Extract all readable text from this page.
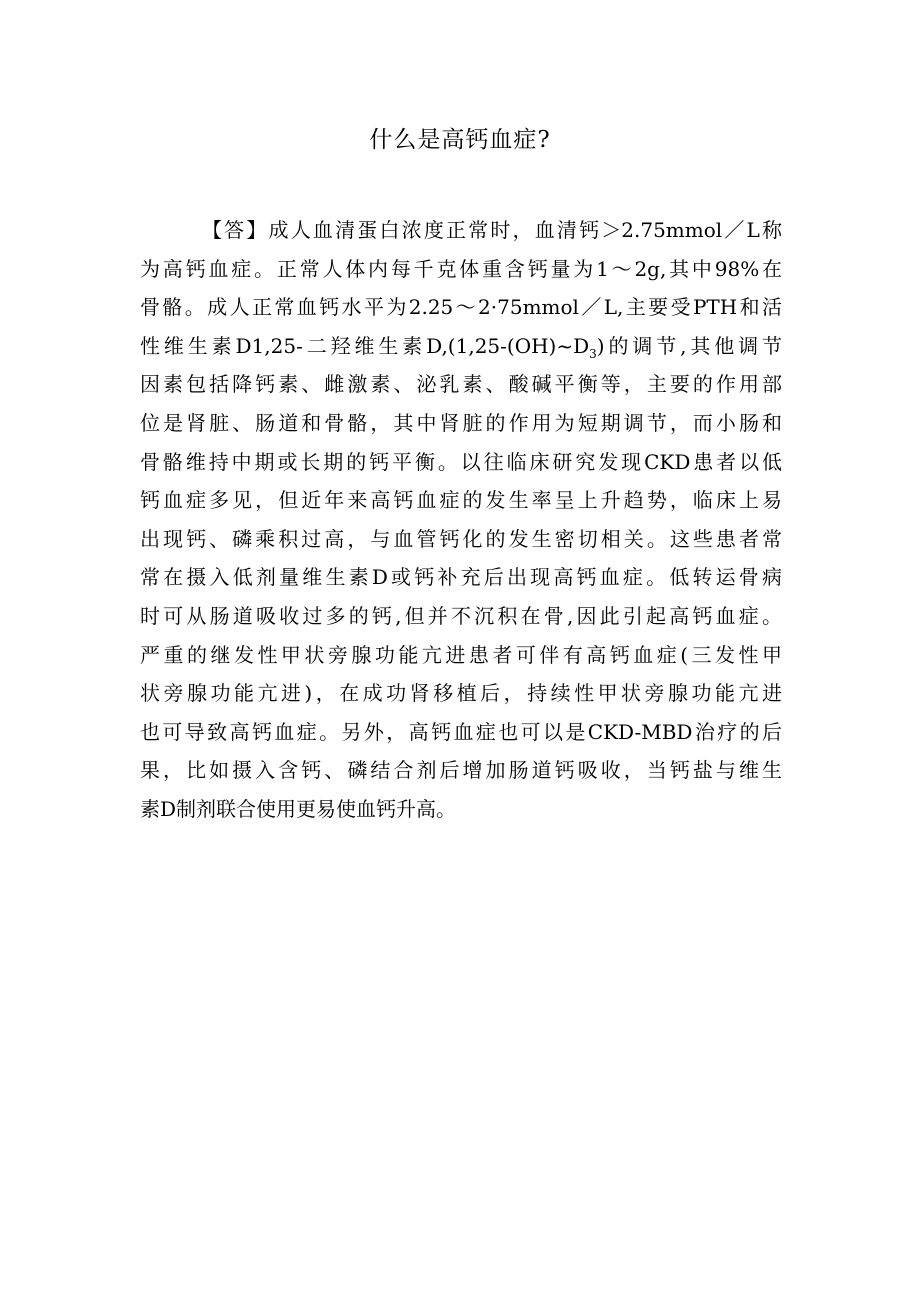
什么是高钙血症?
【答】成人血清蛋白浓度正常时，血清钙＞2.75mmol／L称
为高钙血症。正常人体内每千克体重含钙量为1～2g,其中98%在
骨骼。成人正常血钙水平为2.25～2·75mmol／L,主要受PTH和活
性维生素D1,25-二羟维生素$D,(1,25-(OH)\sim D_3)$的调节,其他调节
因素包括降钙素、雌激素、泌乳素、酸碱平衡等，主要的作用部
位是肾脏、肠道和骨骼，其中肾脏的作用为短期调节，而小肠和
骨骼维持中期或长期的钙平衡。以往临床研究发现CKD患者以低
钙血症多见，但近年来高钙血症的发生率呈上升趋势，临床上易
出现钙、磷乘积过高，与血管钙化的发生密切相关。这些患者常
常在摄入低剂量维生素D或钙补充后出现高钙血症。低转运骨病
时可从肠道吸收过多的钙,但并不沉积在骨,因此引起高钙血症。
严重的继发性甲状旁腺功能亢进患者可伴有高钙血症(三发性甲
状旁腺功能亢进)，在成功肾移植后，持续性甲状旁腺功能亢进
也可导致高钙血症。另外，高钙血症也可以是CKD-MBD治疗的后
果，比如摄入含钙、磷结合剂后增加肠道钙吸收，当钙盐与维生
素D制剂联合使用更易使血钙升高。
